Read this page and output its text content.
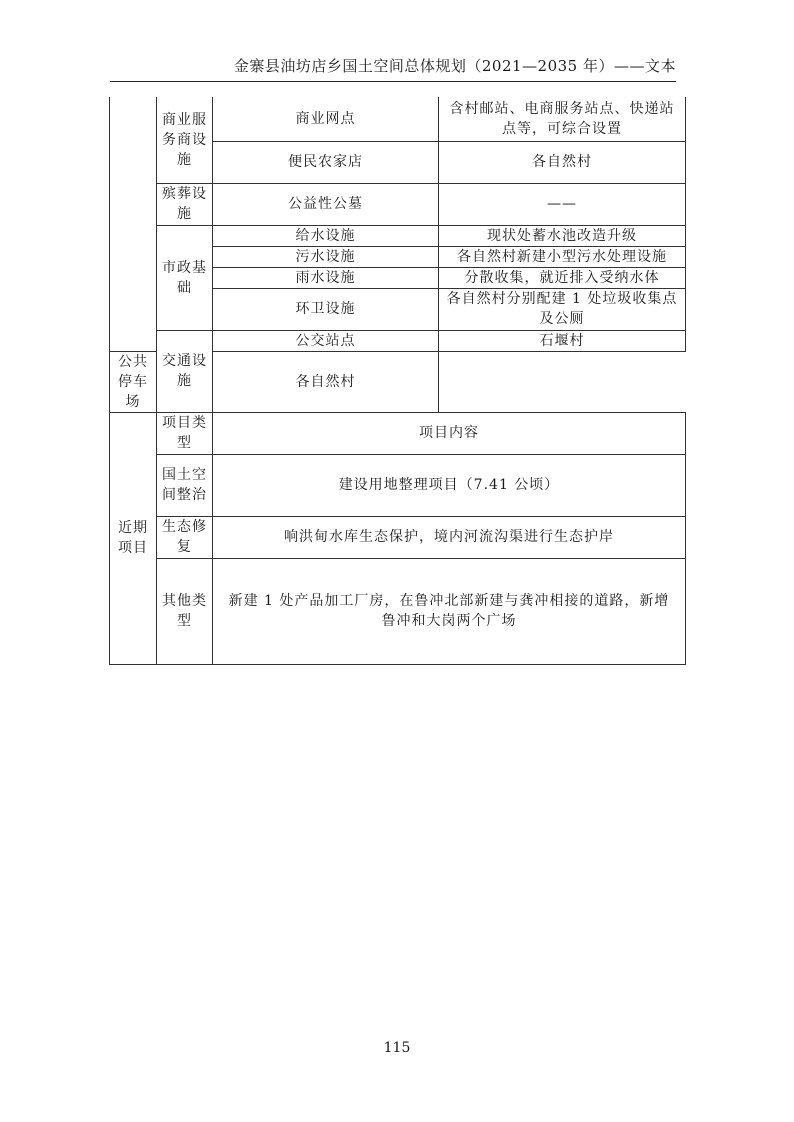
金寨县油坊店乡国土空间总体规划（2021—2035 年）——文本
	商业服务商设施	商业网点	含村邮站、电商服务站点、快递站点等，可综合设置
		便民农家店	各自然村
	殡葬设施	公益性公墓	——
	市政基础	给水设施	现状处蓄水池改造升级
		污水设施	各自然村新建小型污水处理设施
		雨水设施	分散收集，就近排入受纳水体
		环卫设施	各自然村分别配建 1 处垃圾收集点及公厕
	交通设施	公交站点	石堰村
公共停车场		各自然村	
近期项目	项目类型	项目内容	
	国土空间整治	建设用地整理项目（7.41 公顷）	
	生态修复	响洪甸水库生态保护，境内河流沟渠进行生态护岸	
	其他类型	新建 1 处产品加工厂房，在鲁冲北部新建与龚冲相接的道路，新增鲁冲和大岗两个广场	
115
